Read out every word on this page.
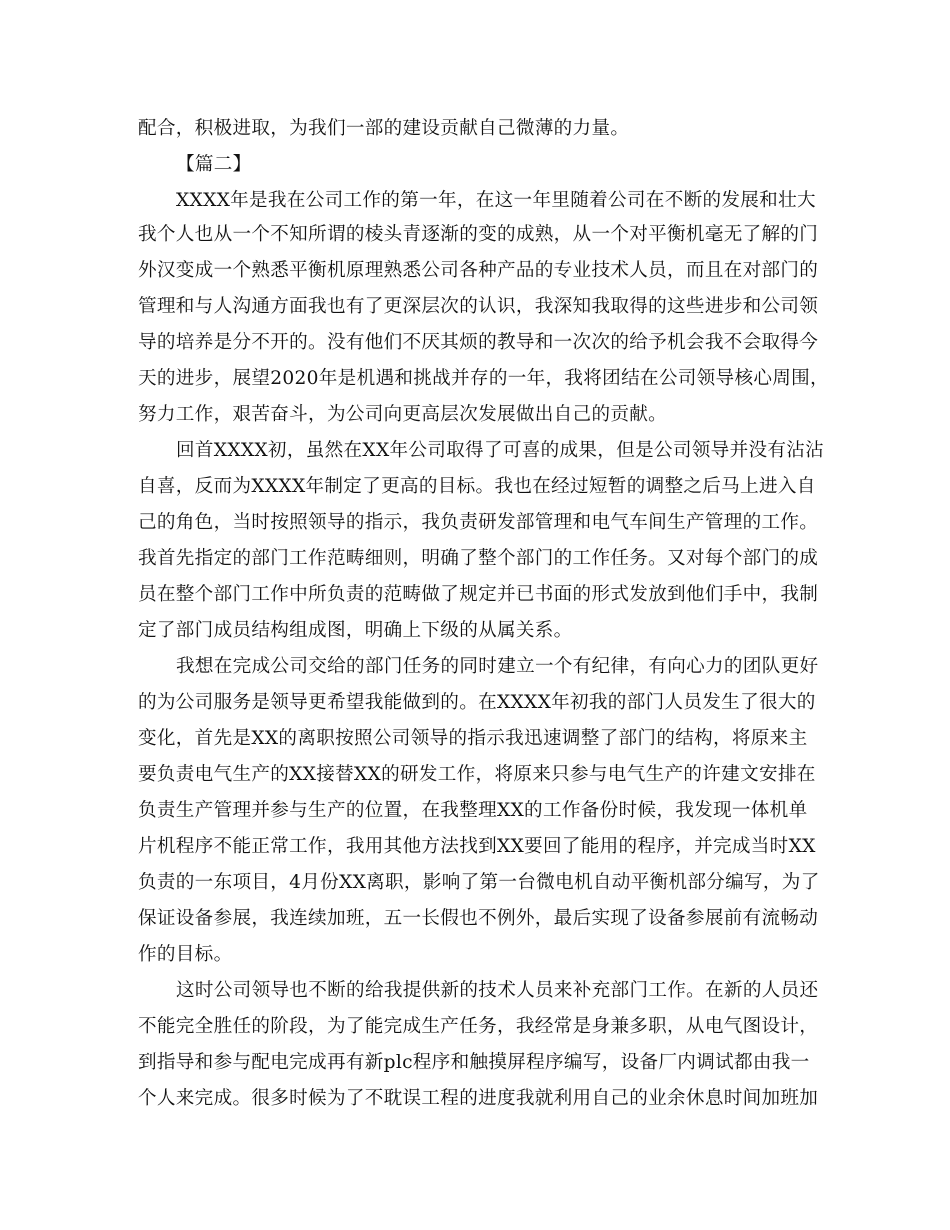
配合，积极进取，为我们一部的建设贡献自己微薄的力量。
【篇二】
XXXX年是我在公司工作的第一年，在这一年里随着公司在不断的发展和壮大
我个人也从一个不知所谓的棱头青逐渐的变的成熟，从一个对平衡机毫无了解的门
外汉变成一个熟悉平衡机原理熟悉公司各种产品的专业技术人员，而且在对部门的
管理和与人沟通方面我也有了更深层次的认识，我深知我取得的这些进步和公司领
导的培养是分不开的。没有他们不厌其烦的教导和一次次的给予机会我不会取得今
天的进步，展望2020年是机遇和挑战并存的一年，我将团结在公司领导核心周围，
努力工作，艰苦奋斗，为公司向更高层次发展做出自己的贡献。
回首XXXX初，虽然在XX年公司取得了可喜的成果，但是公司领导并没有沾沾
自喜，反而为XXXX年制定了更高的目标。我也在经过短暂的调整之后马上进入自
己的角色，当时按照领导的指示，我负责研发部管理和电气车间生产管理的工作。
我首先指定的部门工作范畴细则，明确了整个部门的工作任务。又对每个部门的成
员在整个部门工作中所负责的范畴做了规定并已书面的形式发放到他们手中，我制
定了部门成员结构组成图，明确上下级的从属关系。
我想在完成公司交给的部门任务的同时建立一个有纪律，有向心力的团队更好
的为公司服务是领导更希望我能做到的。在XXXX年初我的部门人员发生了很大的
变化，首先是XX的离职按照公司领导的指示我迅速调整了部门的结构，将原来主
要负责电气生产的XX接替XX的研发工作，将原来只参与电气生产的许建文安排在
负责生产管理并参与生产的位置，在我整理XX的工作备份时候，我发现一体机单
片机程序不能正常工作，我用其他方法找到XX要回了能用的程序，并完成当时XX
负责的一东项目，4月份XX离职，影响了第一台微电机自动平衡机部分编写，为了
保证设备参展，我连续加班，五一长假也不例外，最后实现了设备参展前有流畅动
作的目标。
这时公司领导也不断的给我提供新的技术人员来补充部门工作。在新的人员还
不能完全胜任的阶段，为了能完成生产任务，我经常是身兼多职，从电气图设计，
到指导和参与配电完成再有新plc程序和触摸屏程序编写，设备厂内调试都由我一
个人来完成。很多时候为了不耽误工程的进度我就利用自己的业余休息时间加班加
